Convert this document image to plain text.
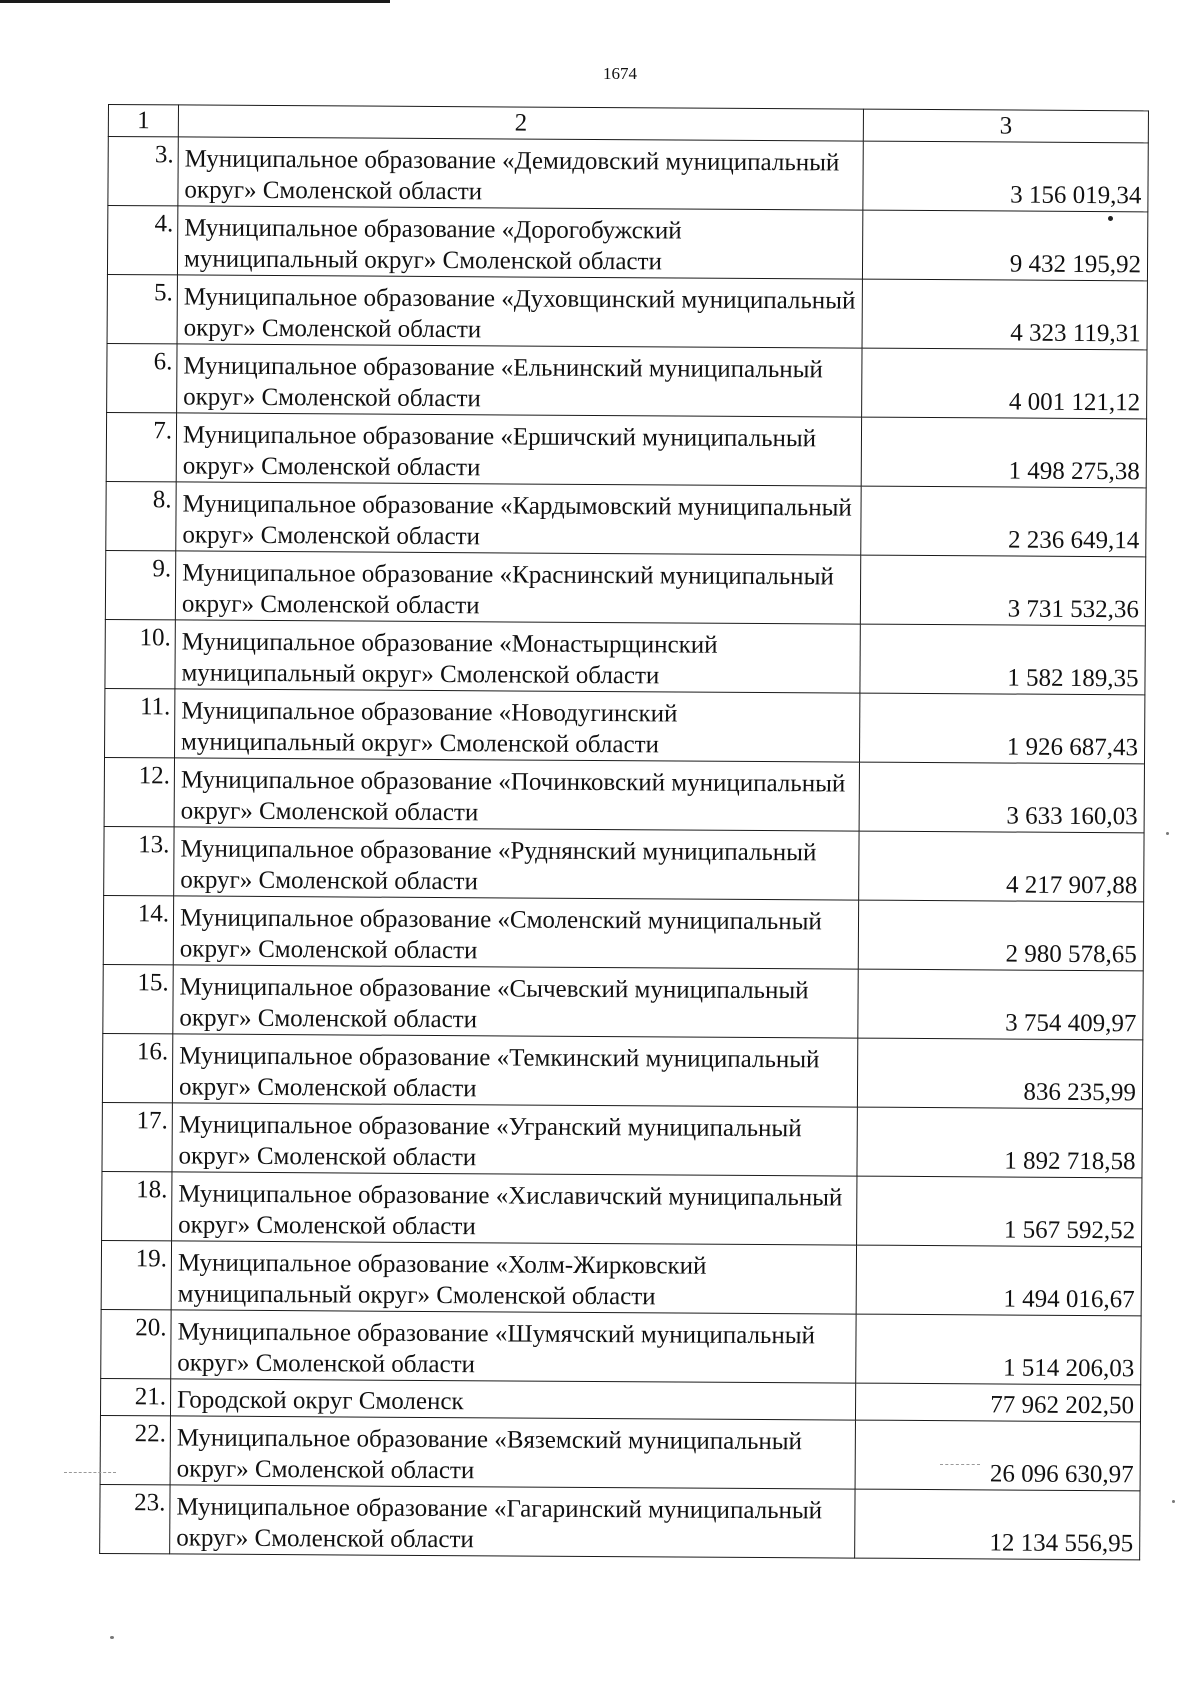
1674
1	2	3
3.	Муниципальное образование «Демидовский муниципальный округ» Смоленской области	3 156 019,34
4.	Муниципальное образование «Дорогобужский муниципальный округ» Смоленской области	9 432 195,92
5.	Муниципальное образование «Духовщинский муниципальный округ» Смоленской области	4 323 119,31
6.	Муниципальное образование «Ельнинский муниципальный округ» Смоленской области	4 001 121,12
7.	Муниципальное образование «Ершичский муниципальный округ» Смоленской области	1 498 275,38
8.	Муниципальное образование «Кардымовский муниципальный округ» Смоленской области	2 236 649,14
9.	Муниципальное образование «Краснинский муниципальный округ» Смоленской области	3 731 532,36
10.	Муниципальное образование «Монастырщинский муниципальный округ» Смоленской области	1 582 189,35
11.	Муниципальное образование «Новодугинский муниципальный округ» Смоленской области	1 926 687,43
12.	Муниципальное образование «Починковский муниципальный округ» Смоленской области	3 633 160,03
13.	Муниципальное образование «Руднянский муниципальный округ» Смоленской области	4 217 907,88
14.	Муниципальное образование «Смоленский муниципальный округ» Смоленской области	2 980 578,65
15.	Муниципальное образование «Сычевский муниципальный округ» Смоленской области	3 754 409,97
16.	Муниципальное образование «Темкинский муниципальный округ» Смоленской области	836 235,99
17.	Муниципальное образование «Угранский муниципальный округ» Смоленской области	1 892 718,58
18.	Муниципальное образование «Хиславичский муниципальный округ» Смоленской области	1 567 592,52
19.	Муниципальное образование «Холм-Жирковский муниципальный округ» Смоленской области	1 494 016,67
20.	Муниципальное образование «Шумячский муниципальный округ» Смоленской области	1 514 206,03
21.	Городской округ Смоленск	77 962 202,50
22.	Муниципальное образование «Вяземский муниципальный округ» Смоленской области	26 096 630,97
23.	Муниципальное образование «Гагаринский муниципальный округ» Смоленской области	12 134 556,95
